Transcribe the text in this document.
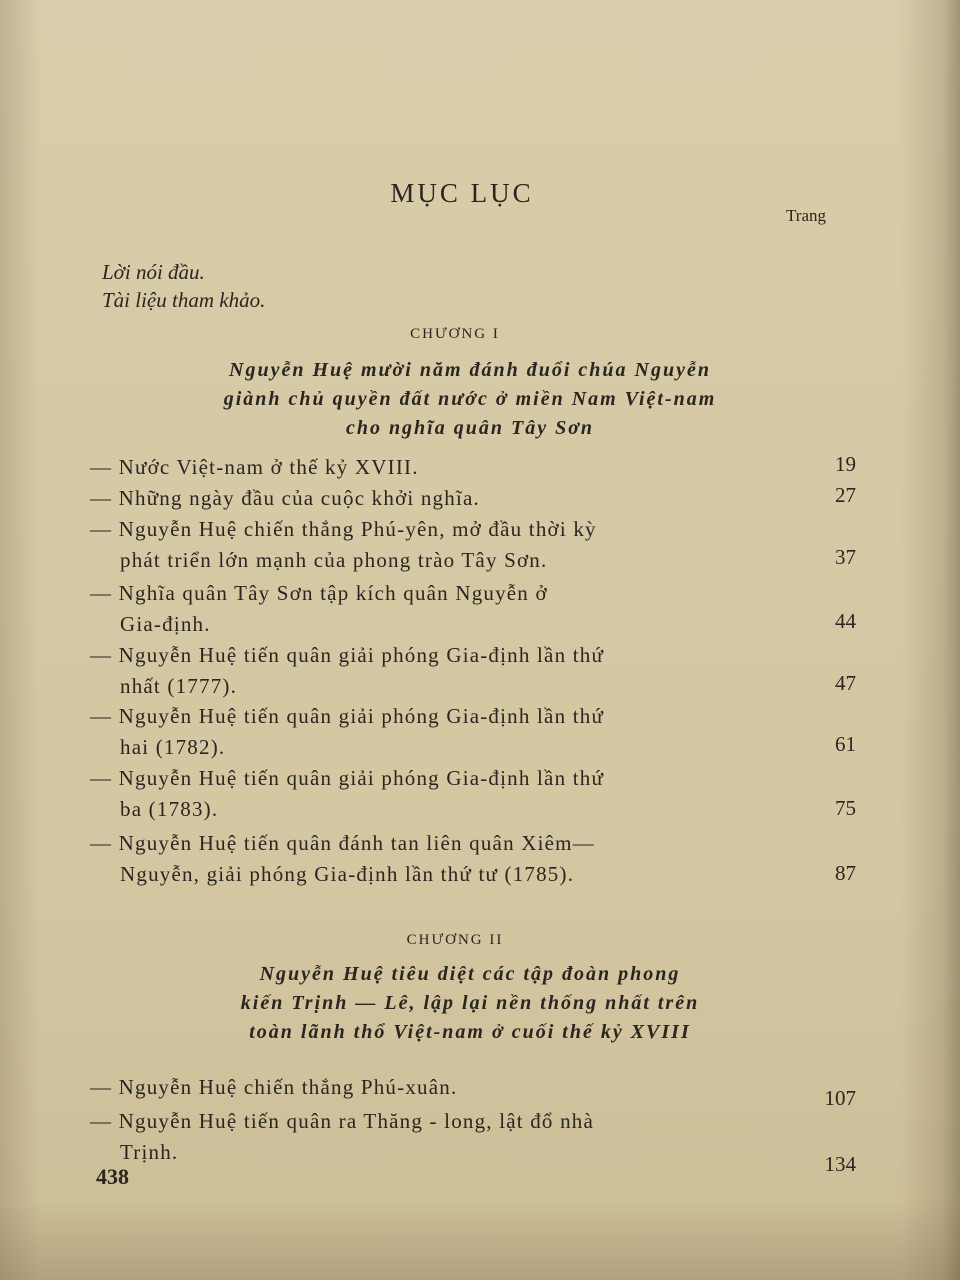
MỤC LỤC
Trang
Lời nói đầu.
Tài liệu tham khảo.
CHƯƠNG I
Nguyễn Huệ mười năm đánh đuổi chúa Nguyễn
giành chủ quyền đất nước ở miền Nam Việt-nam
cho nghĩa quân Tây Sơn
— Nước Việt-nam ở thế kỷ XVIII.	19
— Những ngày đầu của cuộc khởi nghĩa.	27
— Nguyễn Huệ chiến thắng Phú-yên, mở đầu thời kỳ
phát triển lớn mạnh của phong trào Tây Sơn.	37
— Nghĩa quân Tây Sơn tập kích quân Nguyễn ở
Gia-định.	44
— Nguyễn Huệ tiến quân giải phóng Gia-định lần thứ
nhất (1777).	47
— Nguyễn Huệ tiến quân giải phóng Gia-định lần thứ
hai (1782).	61
— Nguyễn Huệ tiến quân giải phóng Gia-định lần thứ
ba (1783).	75
— Nguyễn Huệ tiến quân đánh tan liên quân Xiêm—
Nguyễn, giải phóng Gia-định lần thứ tư (1785).	87
CHƯƠNG II
Nguyễn Huệ tiêu diệt các tập đoàn phong
kiến Trịnh — Lê, lập lại nền thống nhất trên
toàn lãnh thổ Việt-nam ở cuối thế kỷ XVIII
— Nguyễn Huệ chiến thắng Phú-xuân.	107
— Nguyễn Huệ tiến quân ra Thăng - long, lật đổ nhà
Trịnh.	134
438
